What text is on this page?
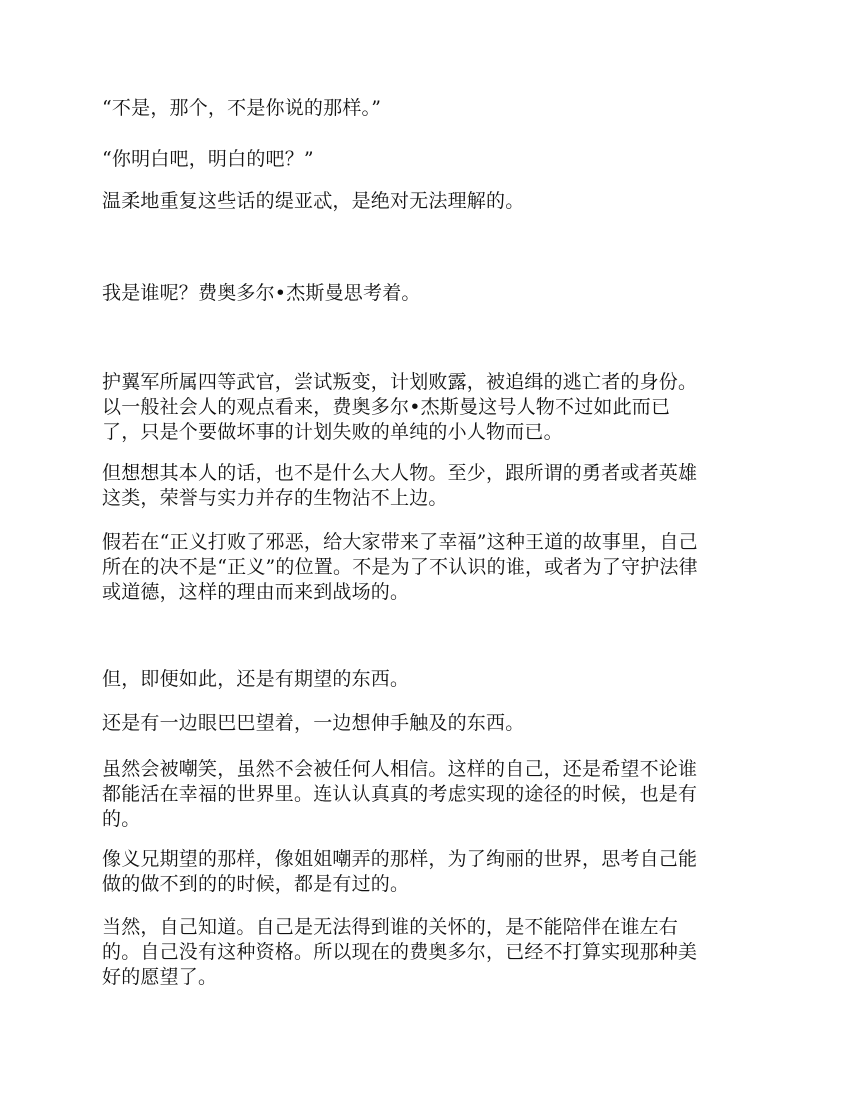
“不是，那个，不是你说的那样。”

“你明白吧，明白的吧？”

温柔地重复这些话的缇亚忒，是绝对无法理解的。

我是谁呢？费奥多尔•杰斯曼思考着。

护翼军所属四等武官，尝试叛变，计划败露，被追缉的逃亡者的身份。
以一般社会人的观点看来，费奥多尔•杰斯曼这号人物不过如此而已
了，只是个要做坏事的计划失败的单纯的小人物而已。

但想想其本人的话，也不是什么大人物。至少，跟所谓的勇者或者英雄
这类，荣誉与实力并存的生物沾不上边。

假若在“正义打败了邪恶，给大家带来了幸福”这种王道的故事里，自己
所在的决不是“正义”的位置。不是为了不认识的谁，或者为了守护法律
或道德，这样的理由而来到战场的。

但，即便如此，还是有期望的东西。

还是有一边眼巴巴望着，一边想伸手触及的东西。

虽然会被嘲笑，虽然不会被任何人相信。这样的自己，还是希望不论谁
都能活在幸福的世界里。连认认真真的考虑实现的途径的时候，也是有
的。

像义兄期望的那样，像姐姐嘲弄的那样，为了绚丽的世界，思考自己能
做的做不到的的时候，都是有过的。

当然，自己知道。自己是无法得到谁的关怀的，是不能陪伴在谁左右
的。自己没有这种资格。所以现在的费奥多尔，已经不打算实现那种美
好的愿望了。
